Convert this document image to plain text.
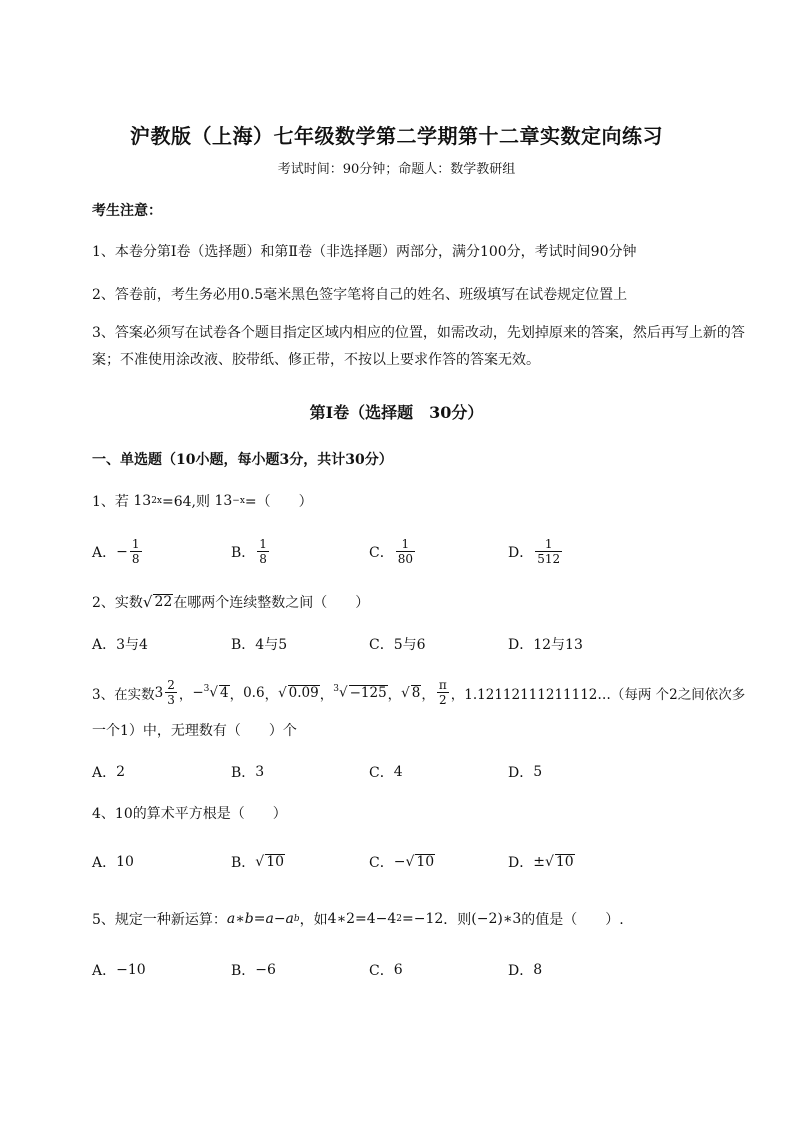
沪教版（上海）七年级数学第二学期第十二章实数定向练习
考试时间：90分钟；命题人：数学教研组
考生注意：
1、本卷分第I卷（选择题）和第Ⅱ卷（非选择题）两部分，满分100分，考试时间90分钟
2、答卷前，考生务必用0.5毫米黑色签字笔将自己的姓名、班级填写在试卷规定位置上
3、答案必须写在试卷各个题目指定区域内相应的位置，如需改动，先划掉原来的答案，然后再写上新的答案；不准使用涂改液、胶带纸、修正带，不按以上要求作答的答案无效。
第I卷（选择题　30分）
一、单选题（10小题，每小题3分，共计30分）
1、若
13 2x =64,则
13 −x =（　　）
A． − $\frac{1}{8}$	B． $\frac{1}{8}$	C． $\frac{1}{80}$	D． $\frac{1}{512}$
2、实数 √ 22 在哪两个连续整数之间（　　）
A． 3与4	B． 4与5	C． 5与6	D． 12与13
3、在实数 $3 \frac{2}{3}$ ， −$^3$√ 4 ， 0.6 ， √ 0.09 ， $^3$√ −125 ， √ 8 ， $\frac{\pi}{2}$ ， 1.12112111211112…（每两 个2之间依次多
一个1）中，无理数有（　　）个
A． 2	B． 3	C． 4	D． 5
4、10的算术平方根是（　　）
A． 10	B． √ 10	C． − √ 10	D． ± √ 10
5、规定一种新运算： a∗b=a−a b ，如 4∗2=4−4 2 =−12 ．则 (−2)∗3 的值是（　　）.
A． −10	B． −6	C． 6	D． 8
